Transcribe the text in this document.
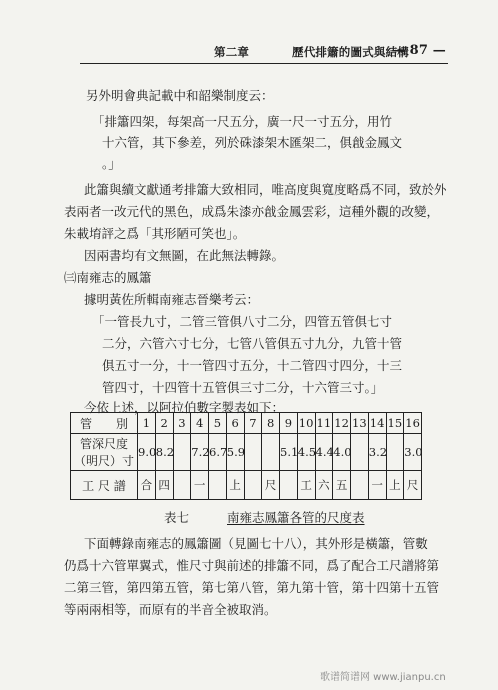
第二章	歷代排簫的圖式與結構
— 87 —
另外明會典記載中和韶樂制度云：
「排簫四架，每架高一尺五分，廣一尺一寸五分，用竹
十六管，其下參差，列於硃漆架木匯架二，俱戧金鳳文
。」
此簫與續文獻通考排簫大致相同，唯高度與寬度略爲不同，致於外
表兩者一改元代的黑色，成爲朱漆亦戧金鳳雲彩，這種外觀的改變，
朱載堉評之爲「其形陋可笑也」。
因兩書均有文無圖，在此無法轉錄。
㈢南雍志的鳳簫
據明黃佐所輯南雍志晉樂考云：
「一管長九寸，二管三管俱八寸二分，四管五管俱七寸
二分，六管六寸七分，七管八管俱五寸九分，九管十管
俱五寸一分，十一管四寸五分，十二管四寸四分，十三
管四寸，十四管十五管俱三寸二分，十六管三寸。」
今依上述，以阿拉伯數字製表如下：
管　　別	1	2	3	4	5	6	7	8	9	10	11	12	13	14	15	16
管深尺度（明尺）寸	9.0	8.2		7.2	6.7	5.9			5.1	4.5	4.4	4.0		3.2		3.0
工 尺 譜	合	四		一		上		尺		工	六	五		一	上	尺
表七	南雍志鳳簫各管的尺度表
下面轉錄南雍志的鳳簫圖（見圖七十八），其外形是橫簫，管數
仍爲十六管單翼式，惟尺寸與前述的排簫不同，爲了配合工尺譜將第
二第三管，第四第五管，第七第八管，第九第十管，第十四第十五管
等兩兩相等，而原有的半音全被取消。
歌谱简谱网 www.jianpu.cn
